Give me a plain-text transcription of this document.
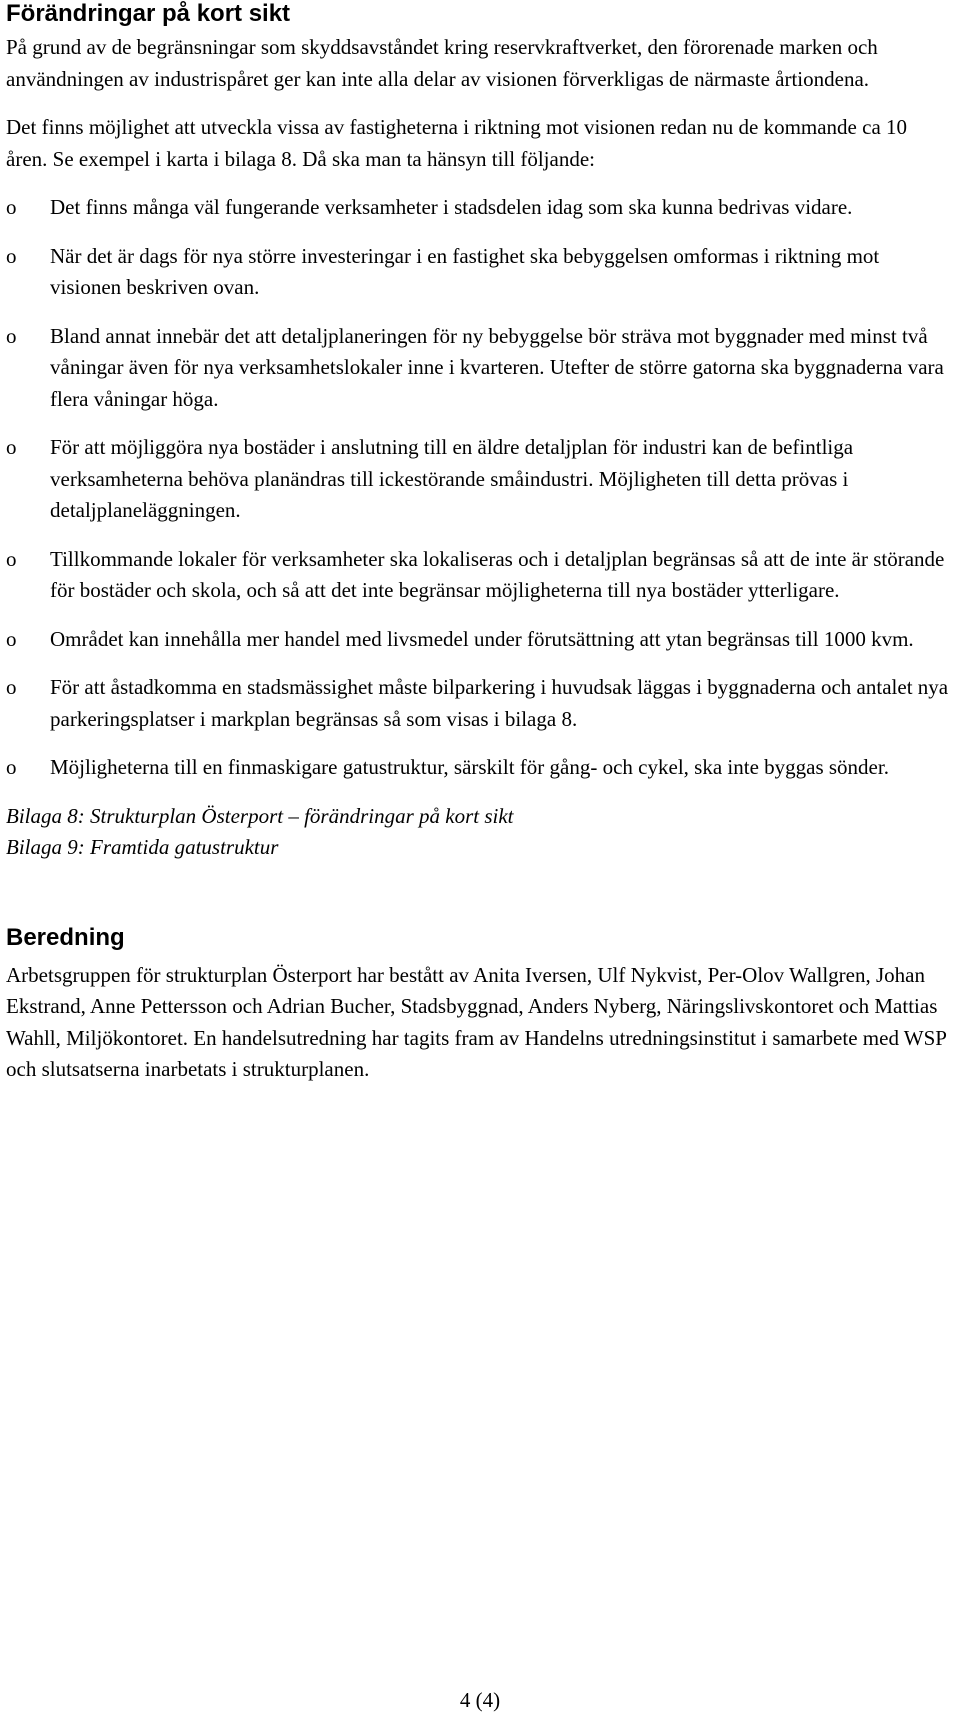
Förändringar på kort sikt

På grund av de begränsningar som skyddsavståndet kring reservkraftverket, den förorenade marken och användningen av industrispåret ger kan inte alla delar av visionen förverkligas de närmaste årtiondena.

Det finns möjlighet att utveckla vissa av fastigheterna i riktning mot visionen redan nu de kommande ca 10 åren. Se exempel i karta i bilaga 8. Då ska man ta hänsyn till följande:

o Det finns många väl fungerande verksamheter i stadsdelen idag som ska kunna bedrivas vidare.
o När det är dags för nya större investeringar i en fastighet ska bebyggelsen omformas i riktning mot visionen beskriven ovan.
o Bland annat innebär det att detaljplaneringen för ny bebyggelse bör sträva mot byggnader med minst två våningar även för nya verksamhetslokaler inne i kvarteren. Utefter de större gatorna ska byggnaderna vara flera våningar höga.
o För att möjliggöra nya bostäder i anslutning till en äldre detaljplan för industri kan de befintliga verksamheterna behöva planändras till ickestörande småindustri. Möjligheten till detta prövas i detaljplaneläggningen.
o Tillkommande lokaler för verksamheter ska lokaliseras och i detaljplan begränsas så att de inte är störande för bostäder och skola, och så att det inte begränsar möjligheterna till nya bostäder ytterligare.
o Området kan innehålla mer handel med livsmedel under förutsättning att ytan begränsas till 1000 kvm.
o För att åstadkomma en stadsmässighet måste bilparkering i huvudsak läggas i byggnaderna och antalet nya parkeringsplatser i markplan begränsas så som visas i bilaga 8.
o Möjligheterna till en finmaskigare gatustruktur, särskilt för gång- och cykel, ska inte byggas sönder.
Bilaga 8: Strukturplan Österport – förändringar på kort sikt
Bilaga 9: Framtida gatustruktur
Beredning

Arbetsgruppen för strukturplan Österport har bestått av Anita Iversen, Ulf Nykvist, Per-Olov Wallgren, Johan Ekstrand, Anne Pettersson och Adrian Bucher, Stadsbyggnad, Anders Nyberg, Näringslivskontoret och Mattias Wahll, Miljökontoret. En handelsutredning har tagits fram av Handelns utredningsinstitut i samarbete med WSP och slutsatserna inarbetats i strukturplanen.

4 (4)
